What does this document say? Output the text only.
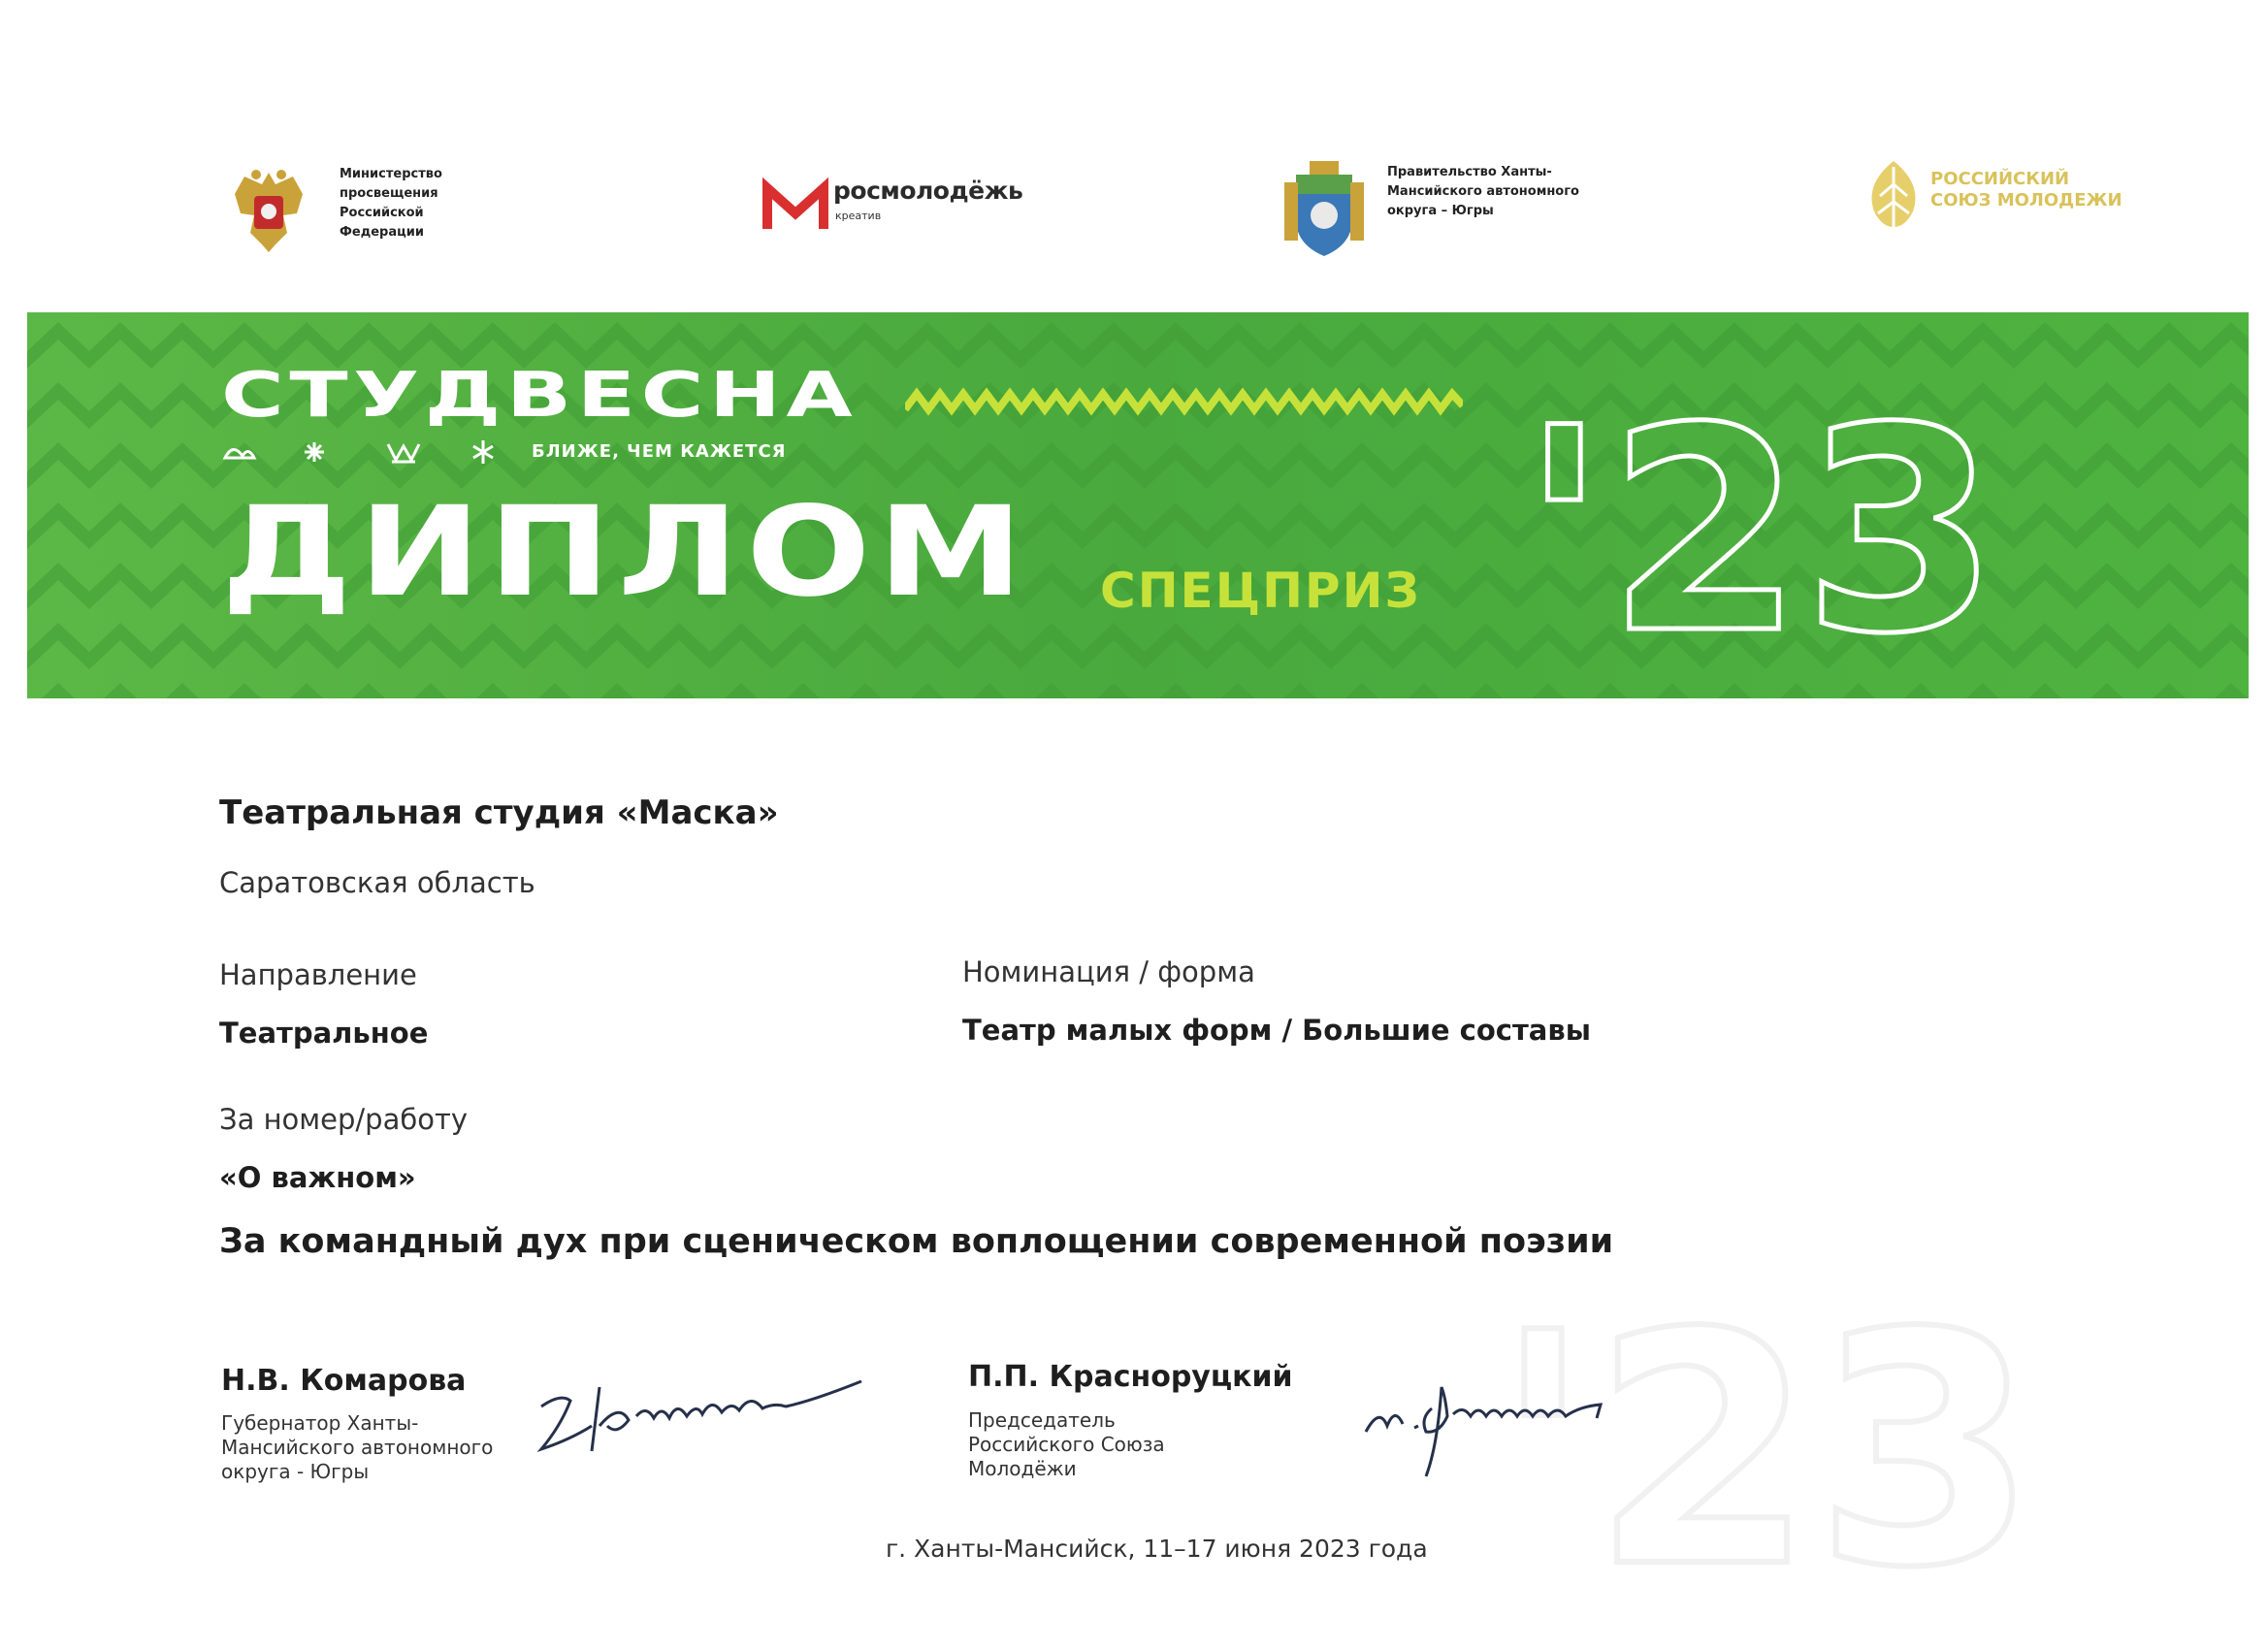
'23
Министерство просвещения Российской Федерации
росмолодёжь
креатив
Правительство Ханты-Мансийского автономного округа – Югры
РОССИЙСКИЙ СОЮЗ МОЛОДЕЖИ
СТУДВЕСНА
БЛИЖЕ, ЧЕМ КАЖЕТСЯ
ДИПЛОМ СПЕЦПРИЗ '23
Театральная студия «Маска»
Саратовская область
Направление
Театральное
Номинация / форма
Театр малых форм / Большие составы
За номер/работу
«О важном»
За командный дух при сценическом воплощении современной поэзии
Н.В. Комарова
Губернатор Ханты-Мансийского автономного округа - Югры
П.П. Красноруцкий
Председатель Российского Союза Молодёжи
г. Ханты-Мансийск, 11–17 июня 2023 года
